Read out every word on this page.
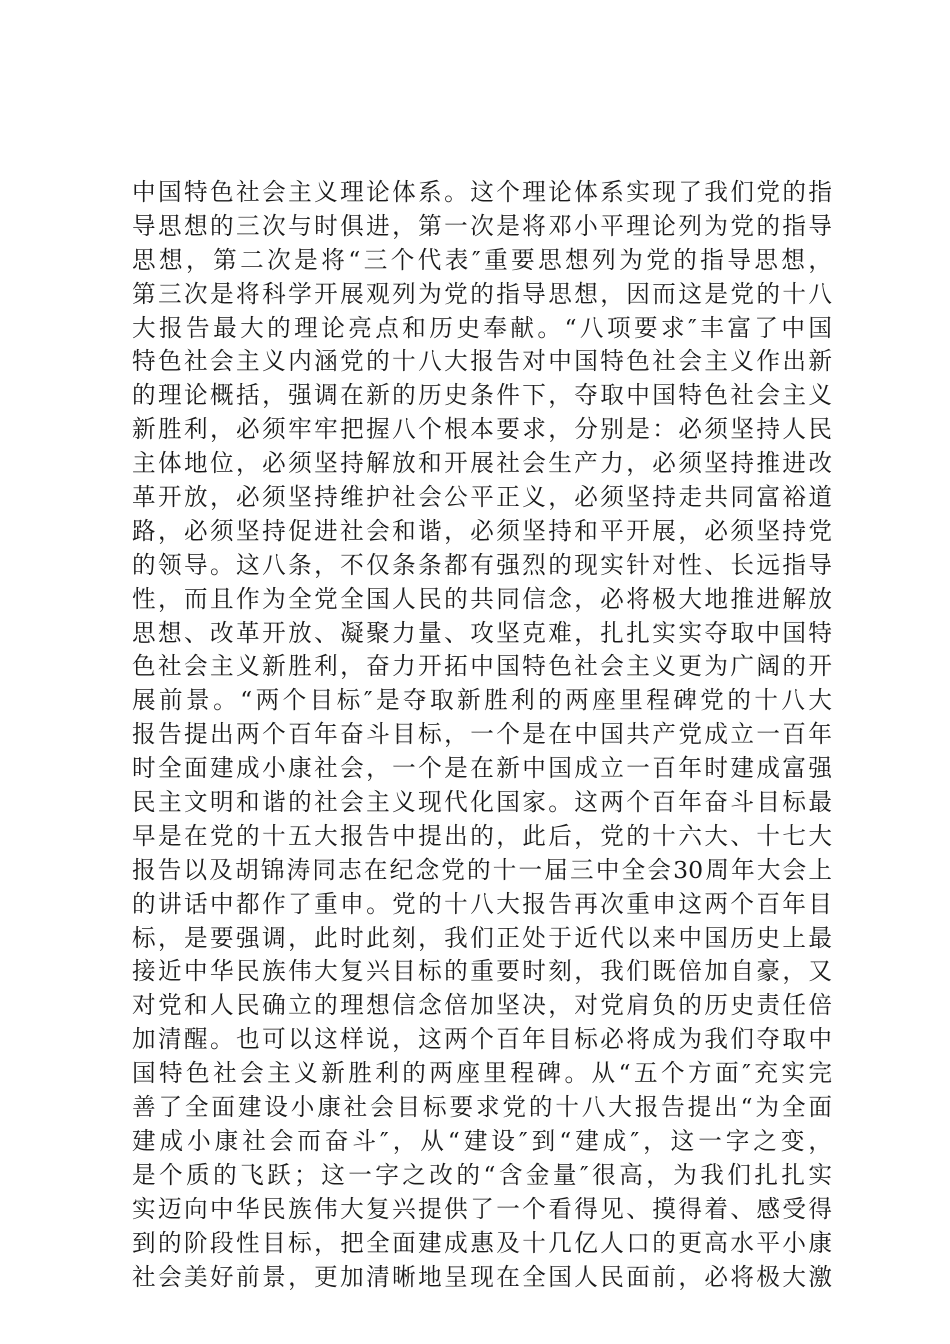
中国特色社会主义理论体系。这个理论体系实现了我们党的指
导思想的三次与时俱进，第一次是将邓小平理论列为党的指导
思想，第二次是将“三个代表″重要思想列为党的指导思想，
第三次是将科学开展观列为党的指导思想，因而这是党的十八
大报告最大的理论亮点和历史奉献。“八项要求″丰富了中国
特色社会主义内涵党的十八大报告对中国特色社会主义作出新
的理论概括，强调在新的历史条件下，夺取中国特色社会主义
新胜利，必须牢牢把握八个根本要求，分别是：必须坚持人民
主体地位，必须坚持解放和开展社会生产力，必须坚持推进改
革开放，必须坚持维护社会公平正义，必须坚持走共同富裕道
路，必须坚持促进社会和谐，必须坚持和平开展，必须坚持党
的领导。这八条，不仅条条都有强烈的现实针对性、长远指导
性，而且作为全党全国人民的共同信念，必将极大地推进解放
思想、改革开放、凝聚力量、攻坚克难，扎扎实实夺取中国特
色社会主义新胜利，奋力开拓中国特色社会主义更为广阔的开
展前景。“两个目标″是夺取新胜利的两座里程碑党的十八大
报告提出两个百年奋斗目标，一个是在中国共产党成立一百年
时全面建成小康社会，一个是在新中国成立一百年时建成富强
民主文明和谐的社会主义现代化国家。这两个百年奋斗目标最
早是在党的十五大报告中提出的，此后，党的十六大、十七大
报告以及胡锦涛同志在纪念党的十一届三中全会30周年大会上
的讲话中都作了重申。党的十八大报告再次重申这两个百年目
标，是要强调，此时此刻，我们正处于近代以来中国历史上最
接近中华民族伟大复兴目标的重要时刻，我们既倍加自豪，又
对党和人民确立的理想信念倍加坚决，对党肩负的历史责任倍
加清醒。也可以这样说，这两个百年目标必将成为我们夺取中
国特色社会主义新胜利的两座里程碑。从“五个方面″充实完
善了全面建设小康社会目标要求党的十八大报告提出“为全面
建成小康社会而奋斗″，从“建设″到“建成″，这一字之变，
是个质的飞跃；这一字之改的“含金量″很高，为我们扎扎实
实迈向中华民族伟大复兴提供了一个看得见、摸得着、感受得
到的阶段性目标，把全面建成惠及十几亿人口的更高水平小康
社会美好前景，更加清晰地呈现在全国人民面前，必将极大激
